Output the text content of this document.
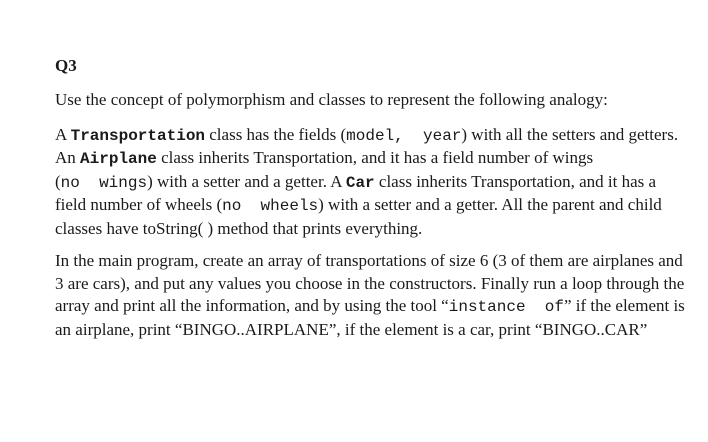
Q3

Use the concept of polymorphism and classes to represent the following analogy:

A Transportation class has the fields (model,  year) with all the setters and getters. An Airplane class inherits Transportation, and it has a field number of wings (no  wings) with a setter and a getter. A Car class inherits Transportation, and it has a field number of wheels (no  wheels) with a setter and a getter. All the parent and child classes have toString( ) method that prints everything.

In the main program, create an array of transportations of size 6 (3 of them are airplanes and 3 are cars), and put any values you choose in the constructors. Finally run a loop through the array and print all the information, and by using the tool “instance  of” if the element is an airplane, print “BINGO..AIRPLANE”, if the element is a car, print “BINGO..CAR”
